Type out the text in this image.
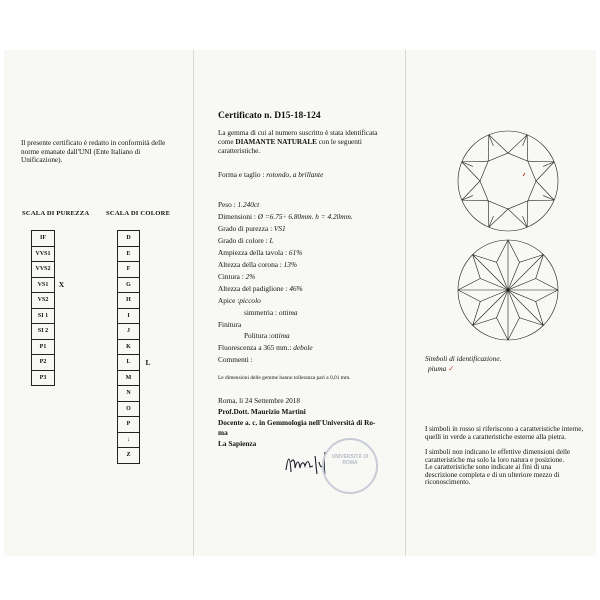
Il presente certificato è redatto in conformità delle norme emanate dall'UNI (Ente Italiano di Unificazione).
SCALA DI PUREZZA	SCALA DI COLORE
IF	
VVS1	
VVS2	
VS1	X
VS2	
SI 1	
SI 2	
P1	
P2	
P3	
D	
E	
F	
G	
H	
I	
J	
K	
L	L
M	
N	
O	
P	
↓	
Z	
Certificato n. D15-18-124
La gemma di cui al numero suscritto è stata identificata come DIAMANTE NATURALE con le seguenti caratteristiche.
Forma e taglio : rotondo, a brillante
Peso : 1.240ct
Dimensioni : Ø =6.75÷ 6.80mm. h = 4.20mm.
Grado di purezza : VS1
Grado di colore : L
Ampiezza della tavola : 61%
Altezza della corona : 13%
Cintura : 2%
Altezza del padiglione : 46%
Apice :piccolo
simmetria : ottima
Finitura
Politura :ottima
Fluorescenza a 365 mm.: debole
Commenti :
Le dimensioni delle gemme hanno tolleranza pari a 0,01 mm.
Roma, li 24 Settembre 2018
Prof.Dott. Maurizio Martini
Docente a. c. in Gemmologia nell'Università di Ro-
ma
La Sapienza
UNIVERSITÀ DI ROMA
Simboli di identificazione.
piuma ✓
I simboli in rosso si riferiscono a caratteristiche interne, quelli in verde a caratteristiche esterne alla pietra.
I simboli non indicano le effettive dimensioni delle caratteristiche ma solo la loro natura e posizione.
Le caratteristiche sono indicate ai fini di una descrizione completa e di un ulteriore mezzo di riconoscimento.
